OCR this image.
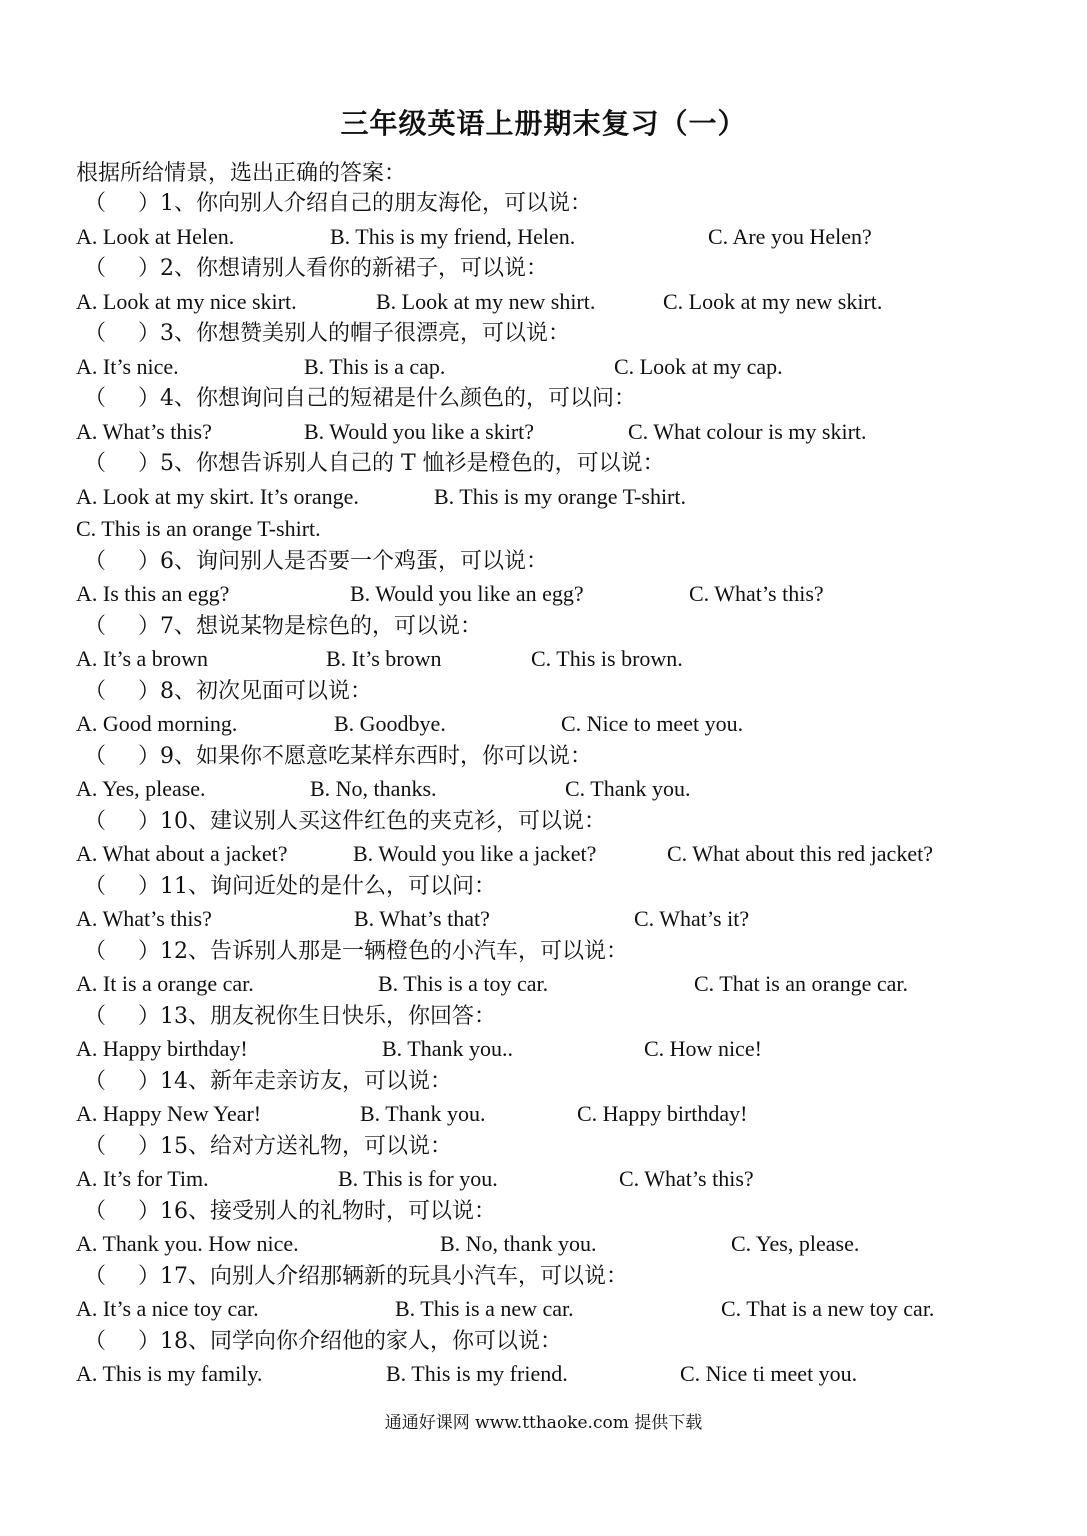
三年级英语上册期末复习（一）
根据所给情景，选出正确的答案：
（ ）1、你向别人介绍自己的朋友海伦，可以说：
A. Look at Helen.	B. This is my friend, Helen.	C. Are you Helen?
（ ）2、你想请别人看你的新裙子，可以说：
A. Look at my nice skirt.	B. Look at my new shirt.	C. Look at my new skirt.
（ ）3、你想赞美别人的帽子很漂亮，可以说：
A. It’s nice.	B. This is a cap.	C. Look at my cap.
（ ）4、你想询问自己的短裙是什么颜色的，可以问：
A. What’s this?	B. Would you like a skirt?	C. What colour is my skirt.
（ ）5、你想告诉别人自己的 T 恤衫是橙色的，可以说：
A. Look at my skirt. It’s orange.	B. This is my orange T-shirt.
C. This is an orange T-shirt.
（ ）6、询问别人是否要一个鸡蛋，可以说：
A. Is this an egg?	B. Would you like an egg?	C. What’s this?
（ ）7、想说某物是棕色的，可以说：
A. It’s a brown	B. It’s brown	C. This is brown.
（ ）8、初次见面可以说：
A. Good morning.	B. Goodbye.	C. Nice to meet you.
（ ）9、如果你不愿意吃某样东西时，你可以说：
A. Yes, please.	B. No, thanks.	C. Thank you.
（ ）10、建议别人买这件红色的夹克衫，可以说：
A. What about a jacket?	B. Would you like a jacket?	C. What about this red jacket?
（ ）11、询问近处的是什么，可以问：
A. What’s this?	B. What’s that?	C. What’s it?
（ ）12、告诉别人那是一辆橙色的小汽车，可以说：
A. It is a orange car.	B. This is a toy car.	C. That is an orange car.
（ ）13、朋友祝你生日快乐，你回答：
A. Happy birthday!	B. Thank you..	C. How nice!
（ ）14、新年走亲访友，可以说：
A. Happy New Year!	B. Thank you.	C. Happy birthday!
（ ）15、给对方送礼物，可以说：
A. It’s for Tim.	B. This is for you.	C. What’s this?
（ ）16、接受别人的礼物时，可以说：
A. Thank you. How nice.	B. No, thank you.	C. Yes, please.
（ ）17、向别人介绍那辆新的玩具小汽车，可以说：
A. It’s a nice toy car.	B. This is a new car.	C. That is a new toy car.
（ ）18、同学向你介绍他的家人，你可以说：
A. This is my family.	B. This is my friend.	C. Nice ti meet you.
通通好课网 www.tthaoke.com 提供下载
